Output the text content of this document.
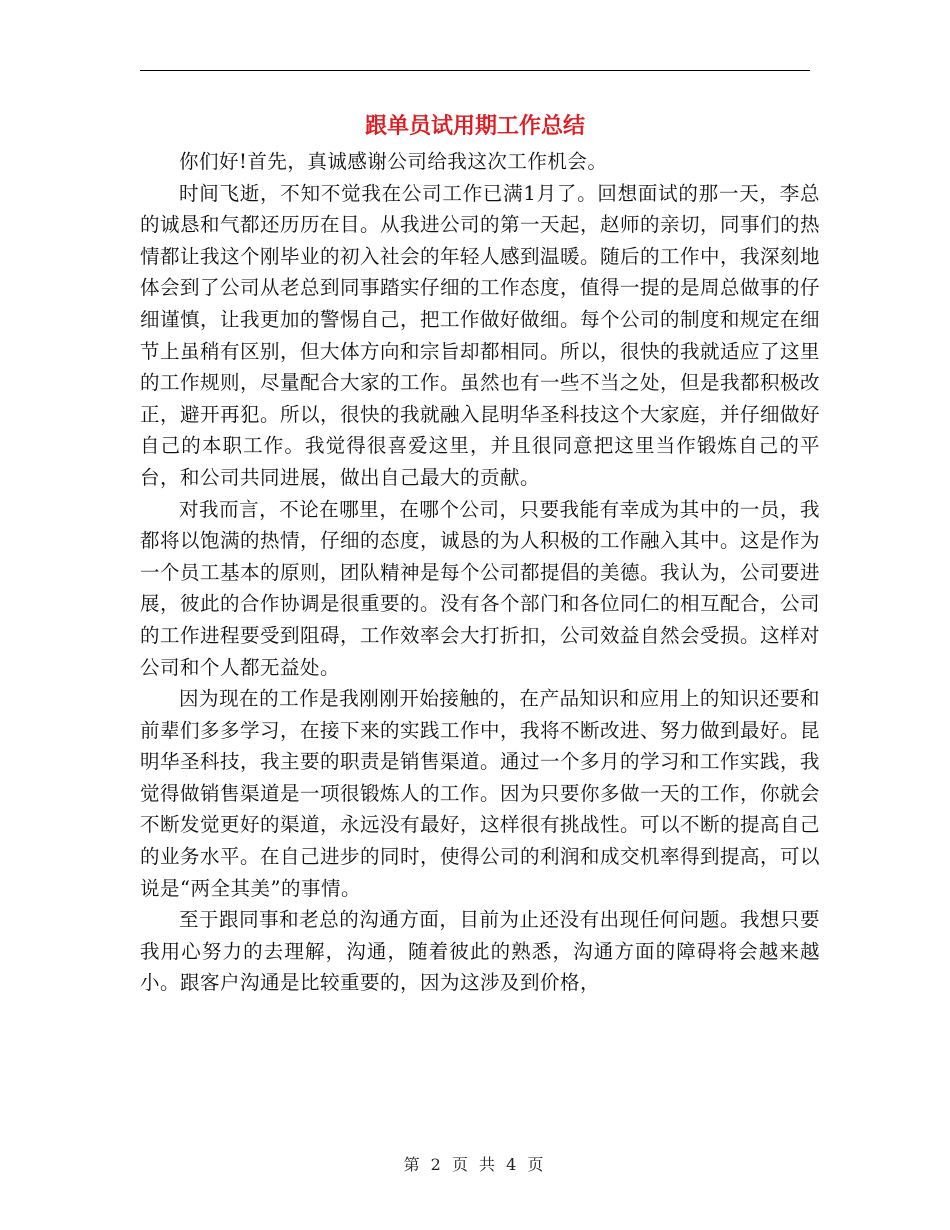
跟单员试用期工作总结

你们好!首先，真诚感谢公司给我这次工作机会。

时间飞逝，不知不觉我在公司工作已满1月了。回想面试的那一天，李总的诚恳和气都还历历在目。从我进公司的第一天起，赵师的亲切，同事们的热情都让我这个刚毕业的初入社会的年轻人感到温暖。随后的工作中，我深刻地体会到了公司从老总到同事踏实仔细的工作态度，值得一提的是周总做事的仔细谨慎，让我更加的警惕自己，把工作做好做细。每个公司的制度和规定在细节上虽稍有区别，但大体方向和宗旨却都相同。所以，很快的我就适应了这里的工作规则，尽量配合大家的工作。虽然也有一些不当之处，但是我都积极改正，避开再犯。所以，很快的我就融入昆明华圣科技这个大家庭，并仔细做好自己的本职工作。我觉得很喜爱这里，并且很同意把这里当作锻炼自己的平台，和公司共同进展，做出自己最大的贡献。

对我而言，不论在哪里，在哪个公司，只要我能有幸成为其中的一员，我都将以饱满的热情，仔细的态度，诚恳的为人积极的工作融入其中。这是作为一个员工基本的原则，团队精神是每个公司都提倡的美德。我认为，公司要进展，彼此的合作协调是很重要的。没有各个部门和各位同仁的相互配合，公司的工作进程要受到阻碍，工作效率会大打折扣，公司效益自然会受损。这样对公司和个人都无益处。

因为现在的工作是我刚刚开始接触的，在产品知识和应用上的知识还要和前辈们多多学习，在接下来的实践工作中，我将不断改进、努力做到最好。昆明华圣科技，我主要的职责是销售渠道。通过一个多月的学习和工作实践，我觉得做销售渠道是一项很锻炼人的工作。因为只要你多做一天的工作，你就会不断发觉更好的渠道，永远没有最好，这样很有挑战性。可以不断的提高自己的业务水平。在自己进步的同时，使得公司的利润和成交机率得到提高，可以说是“两全其美”的事情。

至于跟同事和老总的沟通方面，目前为止还没有出现任何问题。我想只要我用心努力的去理解，沟通，随着彼此的熟悉，沟通方面的障碍将会越来越小。跟客户沟通是比较重要的，因为这涉及到价格，

第 2 页 共 4 页
